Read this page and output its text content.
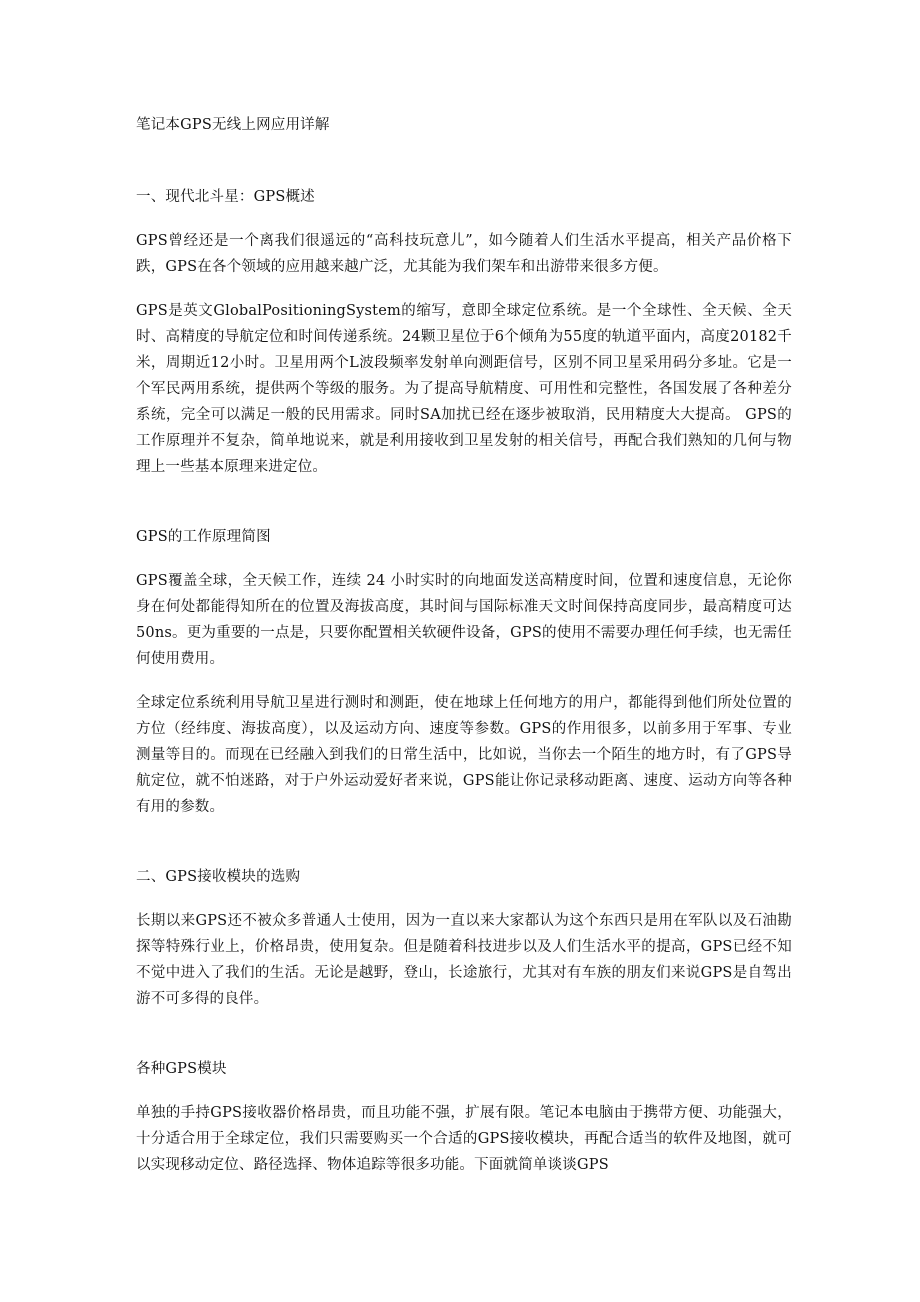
笔记本GPS无线上网应用详解

一、现代北斗星：GPS概述

GPS曾经还是一个离我们很遥远的“高科技玩意儿”，如今随着人们生活水平提高，相关产品价格下跌，GPS在各个领域的应用越来越广泛，尤其能为我们架车和出游带来很多方便。

GPS是英文GlobalPositioningSystem的缩写，意即全球定位系统。是一个全球性、全天候、全天时、高精度的导航定位和时间传递系统。24颗卫星位于6个倾角为55度的轨道平面内，高度20182千米，周期近12小时。卫星用两个L波段频率发射单向测距信号，区别不同卫星采用码分多址。它是一个军民两用系统，提供两个等级的服务。为了提高导航精度、可用性和完整性，各国发展了各种差分系统，完全可以满足一般的民用需求。同时SA加扰已经在逐步被取消，民用精度大大提高。 GPS的工作原理并不复杂，简单地说来，就是利用接收到卫星发射的相关信号，再配合我们熟知的几何与物理上一些基本原理来进定位。

GPS的工作原理简图

GPS覆盖全球，全天候工作，连续 24 小时实时的向地面发送高精度时间，位置和速度信息，无论你身在何处都能得知所在的位置及海拔高度，其时间与国际标准天文时间保持高度同步，最高精度可达50ns。更为重要的一点是，只要你配置相关软硬件设备，GPS的使用不需要办理任何手续，也无需任何使用费用。

全球定位系统利用导航卫星进行测时和测距，使在地球上任何地方的用户，都能得到他们所处位置的方位（经纬度、海拔高度），以及运动方向、速度等参数。GPS的作用很多，以前多用于军事、专业测量等目的。而现在已经融入到我们的日常生活中，比如说，当你去一个陌生的地方时，有了GPS导航定位，就不怕迷路，对于户外运动爱好者来说，GPS能让你记录移动距离、速度、运动方向等各种有用的参数。

二、GPS接收模块的选购

长期以来GPS还不被众多普通人士使用，因为一直以来大家都认为这个东西只是用在军队以及石油勘探等特殊行业上，价格昂贵，使用复杂。但是随着科技进步以及人们生活水平的提高，GPS已经不知不觉中进入了我们的生活。无论是越野，登山，长途旅行，尤其对有车族的朋友们来说GPS是自驾出游不可多得的良伴。

各种GPS模块

单独的手持GPS接收器价格昂贵，而且功能不强，扩展有限。笔记本电脑由于携带方便、功能强大，十分适合用于全球定位，我们只需要购买一个合适的GPS接收模块，再配合适当的软件及地图，就可以实现移动定位、路径选择、物体追踪等很多功能。下面就简单谈谈GPS
